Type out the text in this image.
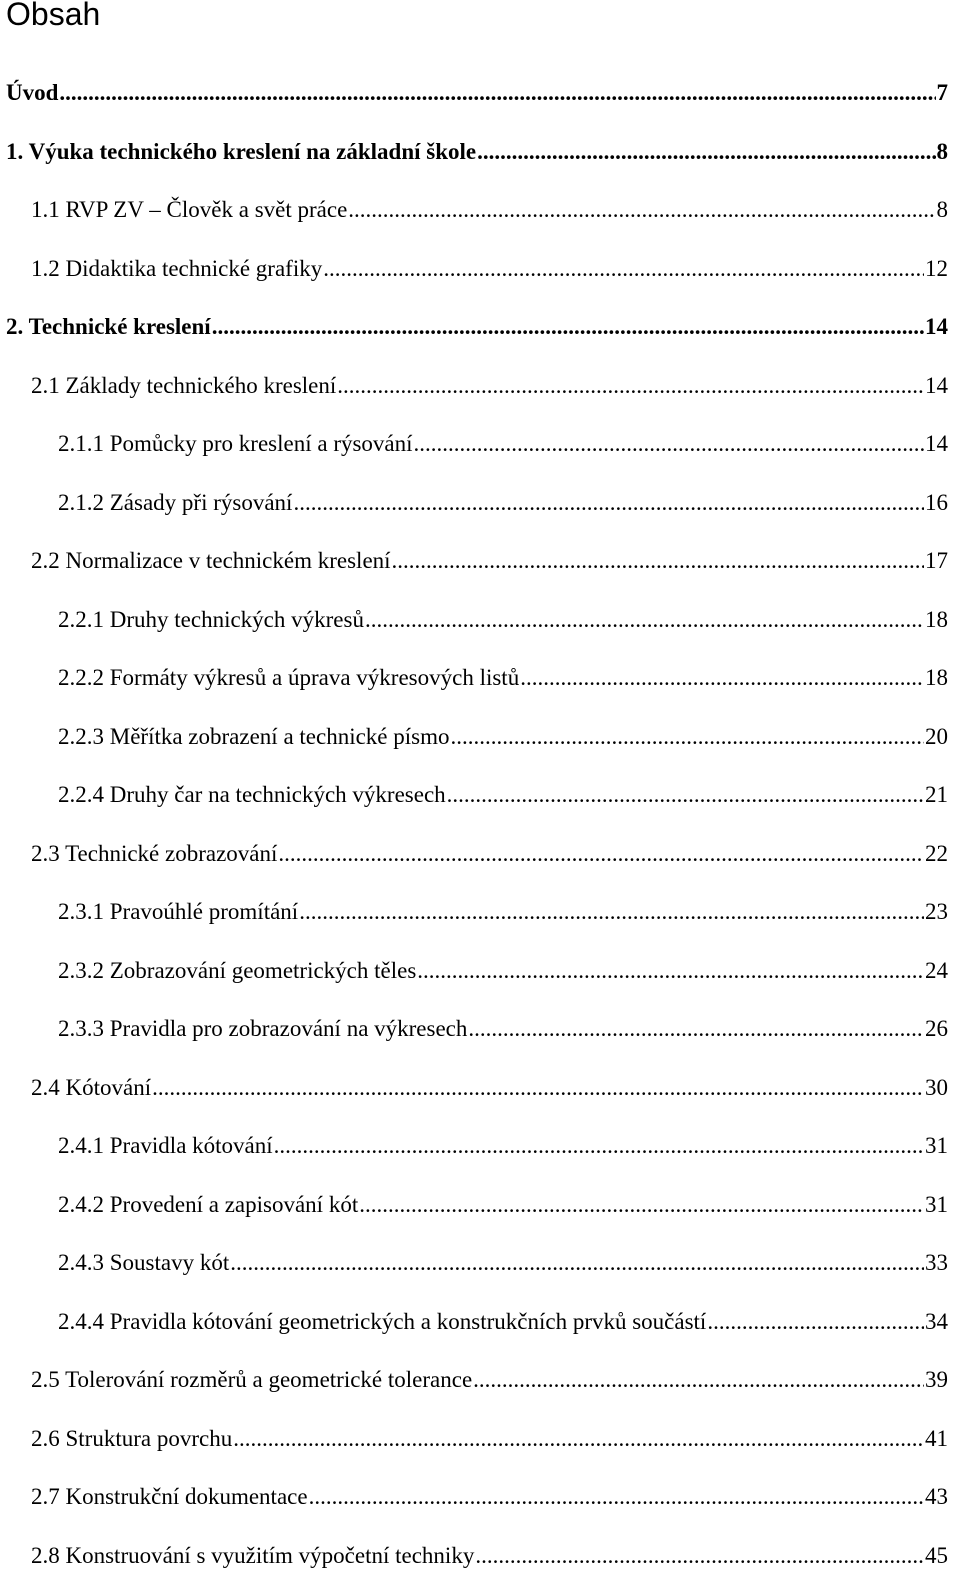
Obsah
Úvod .....	7
1. Výuka technického kreslení na základní škole .....	8
1.1 RVP ZV – Člověk a svět práce .....	8
1.2 Didaktika technické grafiky .....	12
2. Technické kreslení .....	14
2.1 Základy technického kreslení .....	14
2.1.1 Pomůcky pro kreslení a rýsování .....	14
2.1.2 Zásady při rýsování .....	16
2.2 Normalizace v technickém kreslení .....	17
2.2.1 Druhy technických výkresů .....	18
2.2.2 Formáty výkresů a úprava výkresových listů .....	18
2.2.3 Měřítka zobrazení a technické písmo .....	20
2.2.4 Druhy čar na technických výkresech .....	21
2.3 Technické zobrazování .....	22
2.3.1 Pravoúhlé promítání .....	23
2.3.2 Zobrazování geometrických těles .....	24
2.3.3 Pravidla pro zobrazování na výkresech .....	26
2.4 Kótování .....	30
2.4.1 Pravidla kótování .....	31
2.4.2 Provedení a zapisování kót .....	31
2.4.3 Soustavy kót .....	33
2.4.4 Pravidla kótování geometrických a konstrukčních prvků součástí .....	34
2.5 Tolerování rozměrů a geometrické tolerance .....	39
2.6 Struktura povrchu .....	41
2.7 Konstrukční dokumentace .....	43
2.8 Konstruování s využitím výpočetní techniky .....	45
